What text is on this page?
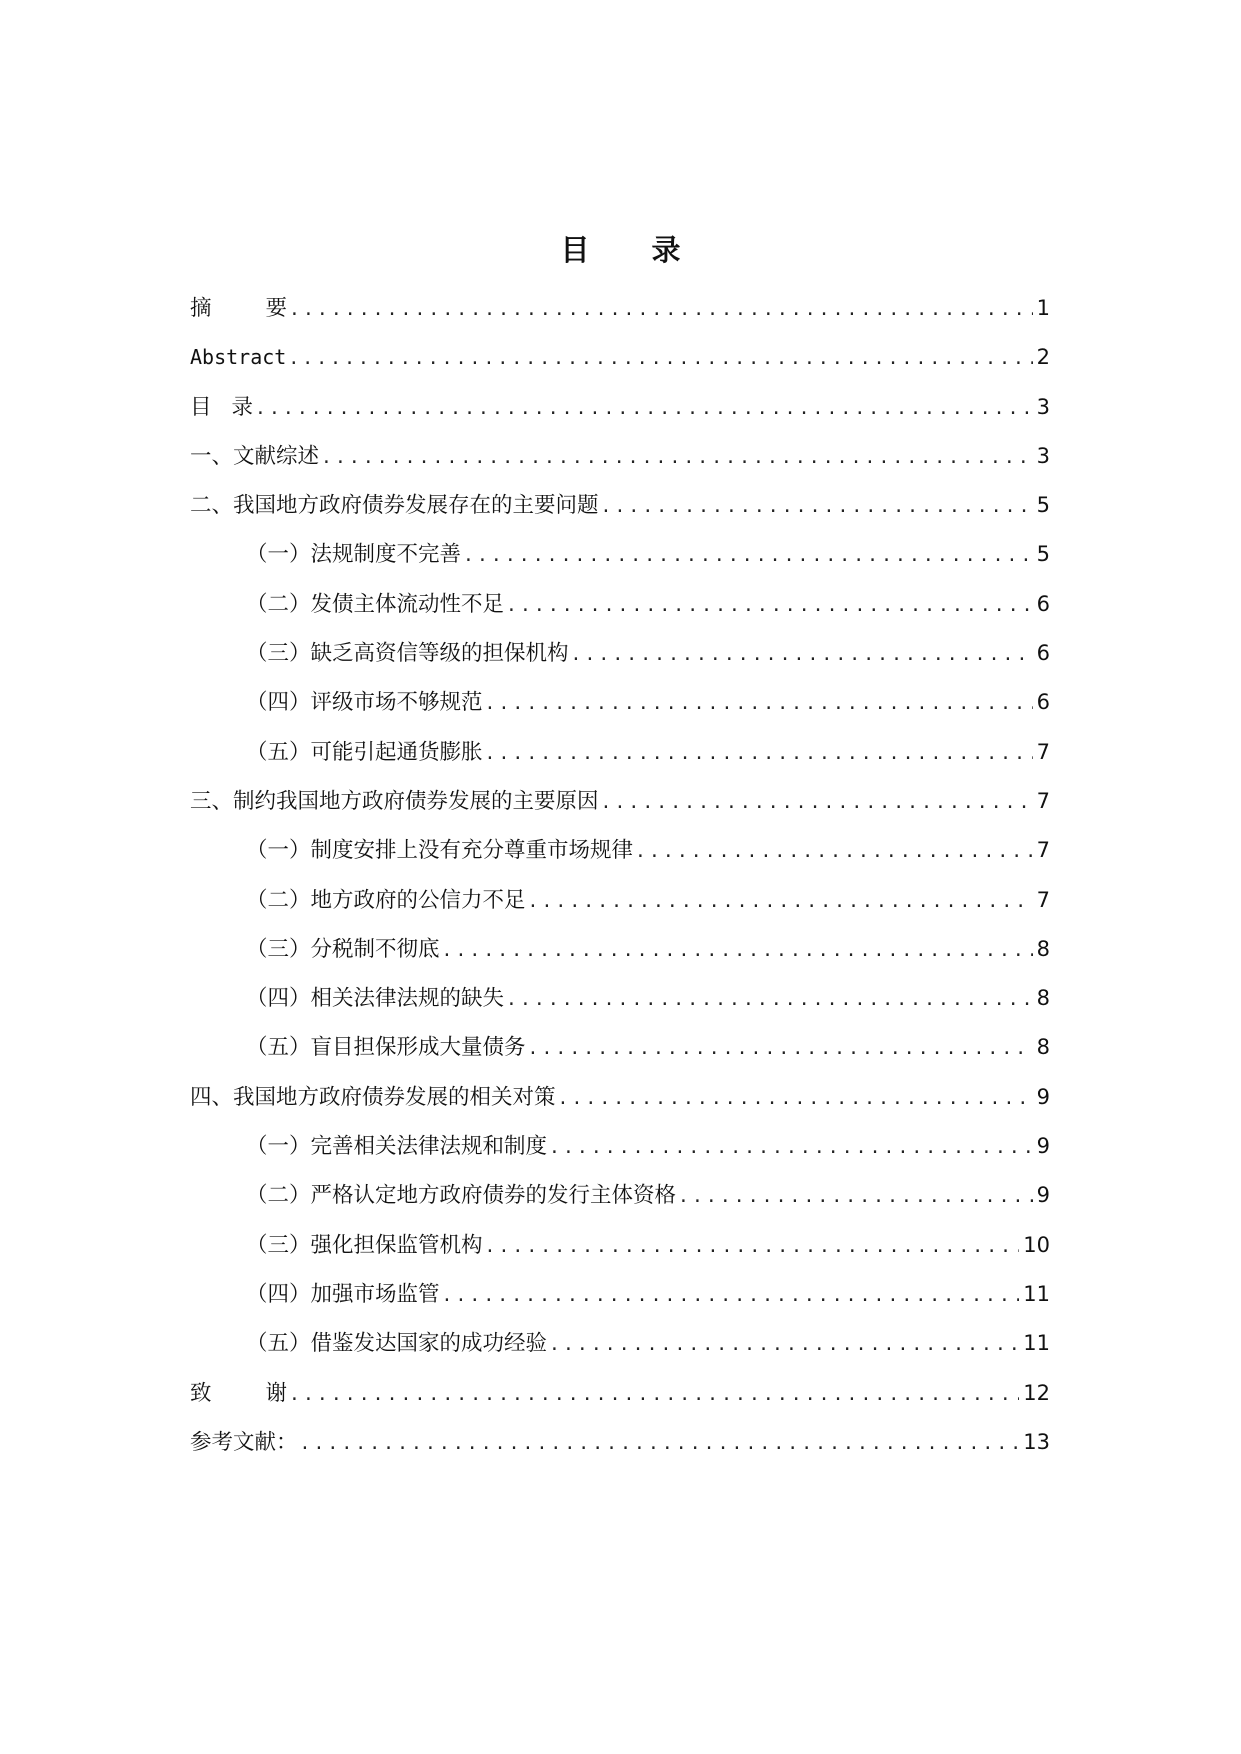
目 录
摘	要 .....	1
Abstract .....	2
目 录 .....	3
一、文献综述 .....	3
二、我国地方政府债券发展存在的主要问题 .....	5
（一）法规制度不完善 .....	5
（二）发债主体流动性不足 .....	6
（三）缺乏高资信等级的担保机构 .....	6
（四）评级市场不够规范 .....	6
（五）可能引起通货膨胀 .....	7
三、制约我国地方政府债券发展的主要原因 .....	7
（一）制度安排上没有充分尊重市场规律 .....	7
（二）地方政府的公信力不足 .....	7
（三）分税制不彻底 .....	8
（四）相关法律法规的缺失 .....	8
（五）盲目担保形成大量债务 .....	8
四、我国地方政府债券发展的相关对策 .....	9
（一）完善相关法律法规和制度 .....	9
（二）严格认定地方政府债券的发行主体资格 .....	9
（三）强化担保监管机构 .....	10
（四）加强市场监管 .....	11
（五）借鉴发达国家的成功经验 .....	11
致	谢 .....	12
参考文献： .....	13
